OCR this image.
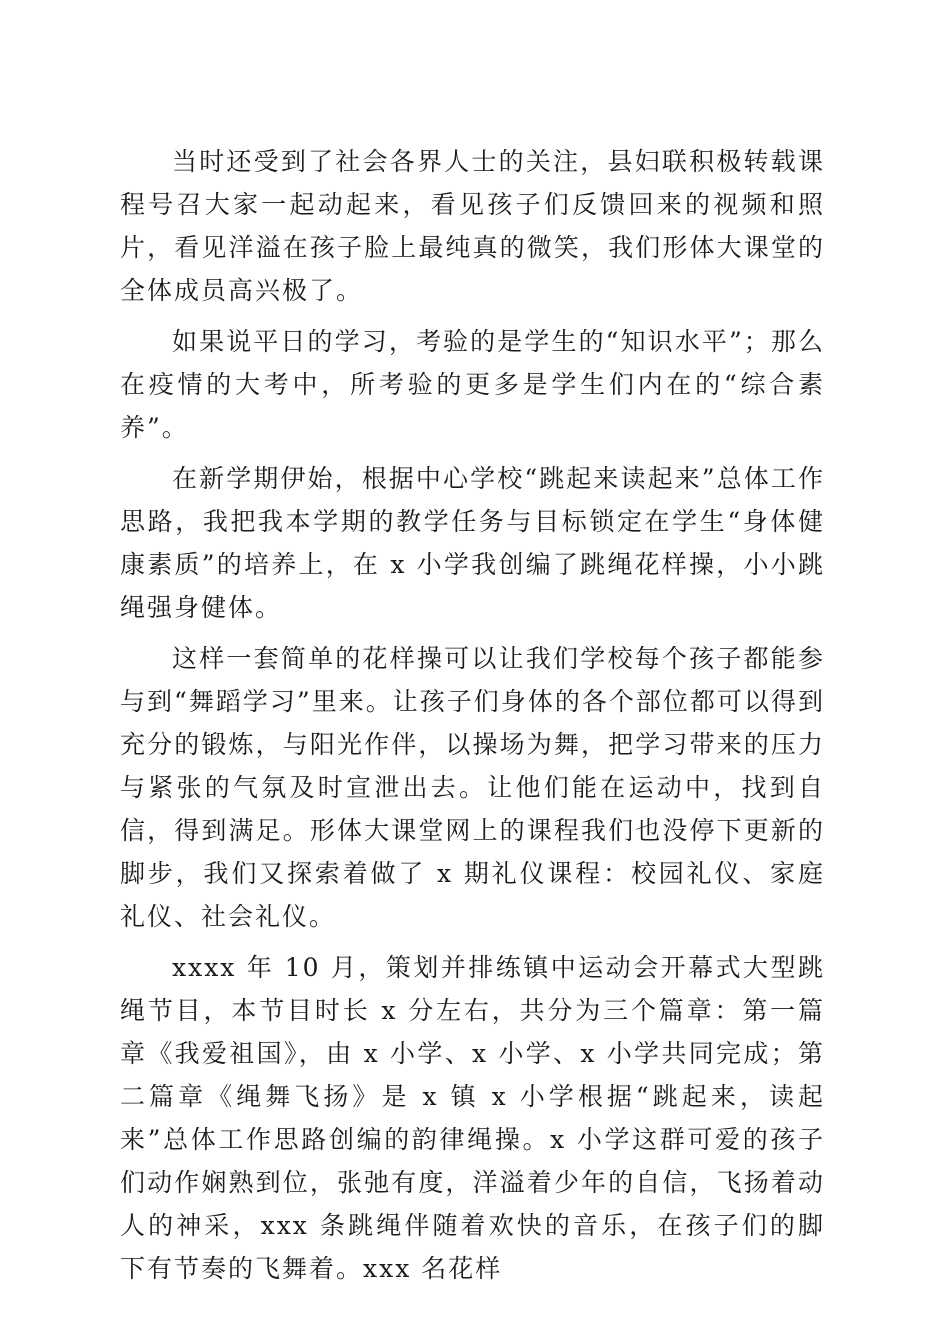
当时还受到了社会各界人士的关注，县妇联积极转载课程号召大家一起动起来，看见孩子们反馈回来的视频和照片，看见洋溢在孩子脸上最纯真的微笑，我们形体大课堂的全体成员高兴极了。

如果说平日的学习，考验的是学生的“知识水平”；那么在疫情的大考中，所考验的更多是学生们内在的“综合素养”。

在新学期伊始，根据中心学校“跳起来读起来”总体工作思路，我把我本学期的教学任务与目标锁定在学生“身体健康素质”的培养上，在 x 小学我创编了跳绳花样操，小小跳绳强身健体。

这样一套简单的花样操可以让我们学校每个孩子都能参与到“舞蹈学习”里来。让孩子们身体的各个部位都可以得到充分的锻炼，与阳光作伴，以操场为舞，把学习带来的压力与紧张的气氛及时宣泄出去。让他们能在运动中，找到自信，得到满足。形体大课堂网上的课程我们也没停下更新的脚步，我们又探索着做了 x 期礼仪课程：校园礼仪、家庭礼仪、社会礼仪。

xxxx 年 10 月，策划并排练镇中运动会开幕式大型跳绳节目，本节目时长 x 分左右，共分为三个篇章：第一篇章《我爱祖国》，由 x 小学、x 小学、x 小学共同完成；第二篇章《绳舞飞扬》是 x 镇 x 小学根据“跳起来，读起来”总体工作思路创编的韵律绳操。x 小学这群可爱的孩子们动作娴熟到位，张弛有度，洋溢着少年的自信，飞扬着动人的神采，xxx 条跳绳伴随着欢快的音乐，在孩子们的脚下有节奏的飞舞着。xxx 名花样
